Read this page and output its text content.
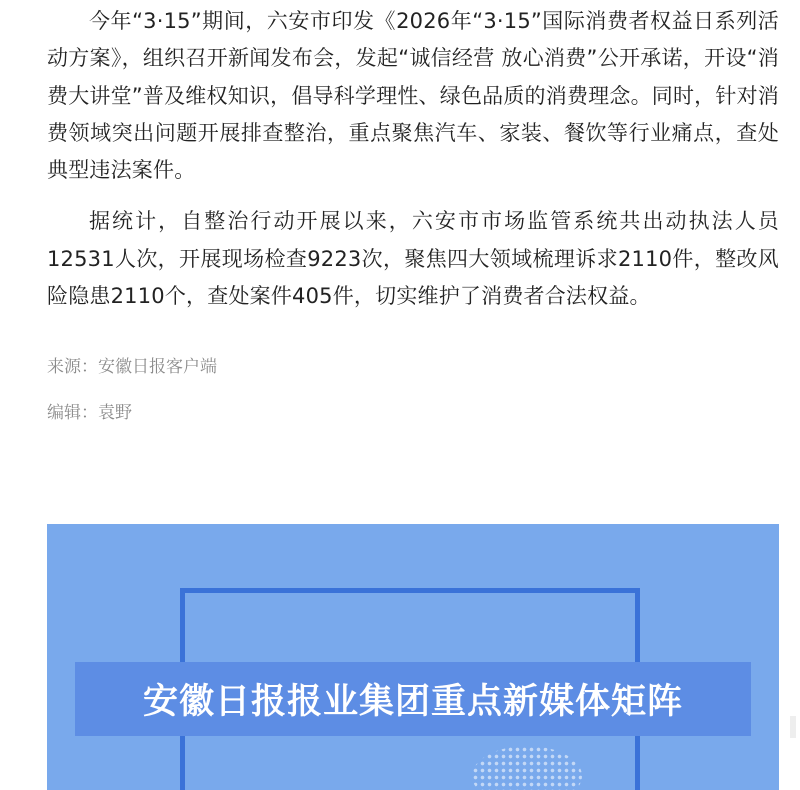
今年“3·15”期间，六安市印发《2026年“3·15”国际消费者权益日系列活动方案》，组织召开新闻发布会，发起“诚信经营 放心消费”公开承诺，开设“消费大讲堂”普及维权知识，倡导科学理性、绿色品质的消费理念。同时，针对消费领域突出问题开展排查整治，重点聚焦汽车、家装、餐饮等行业痛点，查处典型违法案件。

据统计，自整治行动开展以来，六安市市场监管系统共出动执法人员12531人次，开展现场检查9223次，聚焦四大领域梳理诉求2110件，整改风险隐患2110个，查处案件405件，切实维护了消费者合法权益。

来源：安徽日报客户端

编辑：袁野

安徽日报报业集团重点新媒体矩阵
